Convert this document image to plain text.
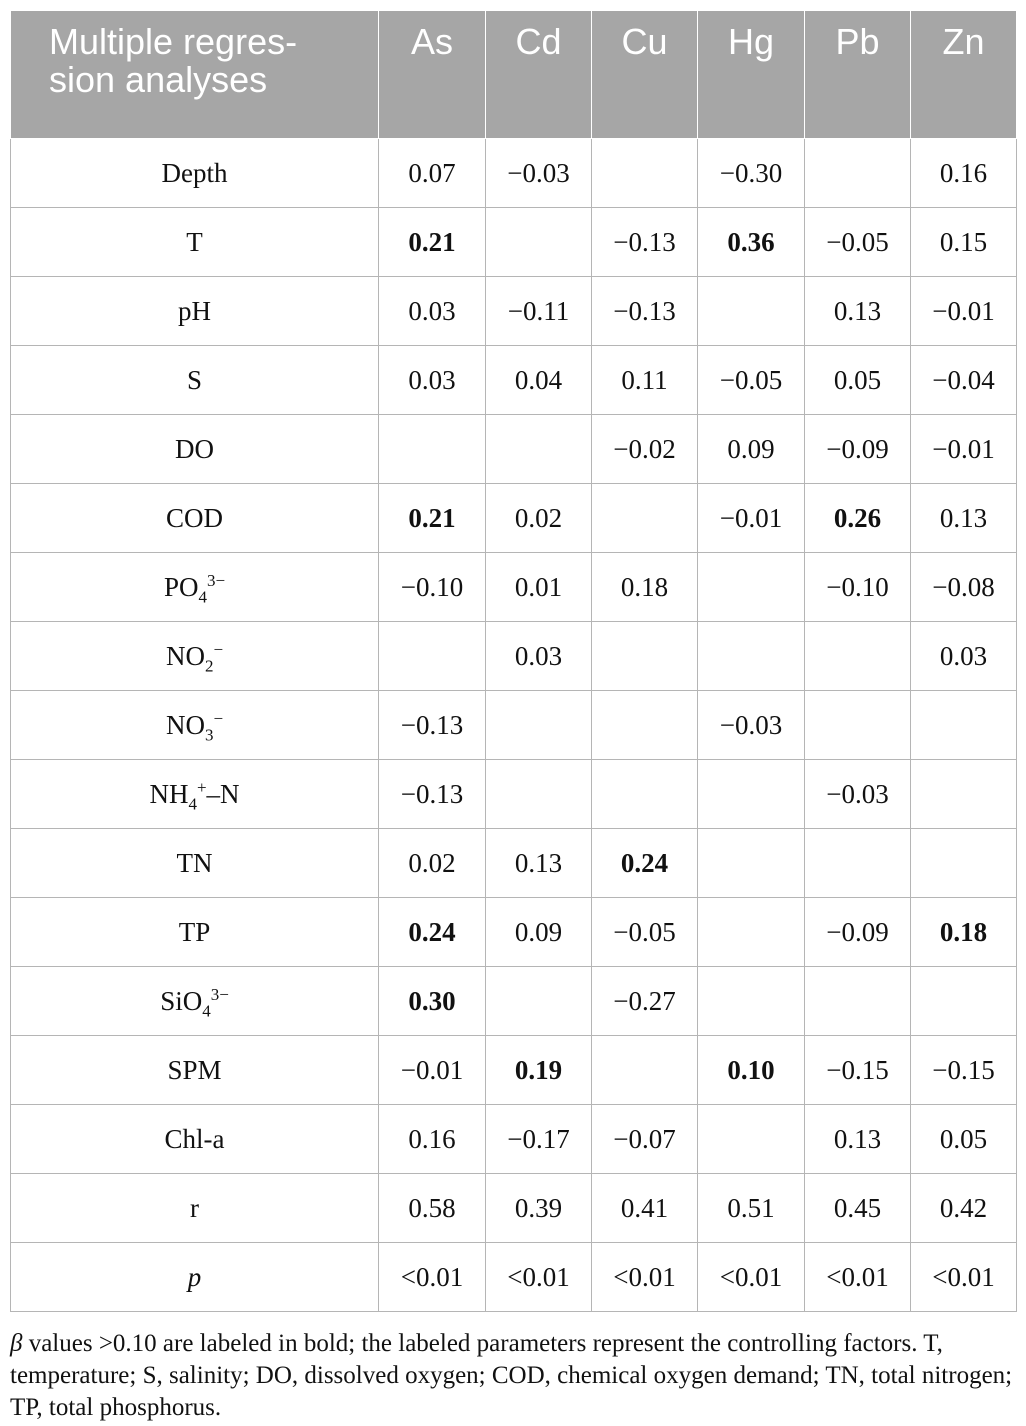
Multiple regres-
sion analyses	As	Cd	Cu	Hg	Pb	Zn
Depth	0.07	−0.03		−0.30		0.16
T	0.21		−0.13	0.36	−0.05	0.15
pH	0.03	−0.11	−0.13		0.13	−0.01
S	0.03	0.04	0.11	−0.05	0.05	−0.04
DO			−0.02	0.09	−0.09	−0.01
COD	0.21	0.02		−0.01	0.26	0.13
$PO_4^{3-}$	−0.10	0.01	0.18		−0.10	−0.08
$NO_2^-$		0.03				0.03
$NO_3^-$	−0.13			−0.03		
$NH_4^+-N$	−0.13				−0.03	
TN	0.02	0.13	0.24			
TP	0.24	0.09	−0.05		−0.09	0.18
SiO$_4^{3-}$	0.30		−0.27			
SPM	−0.01	0.19		0.10	−0.15	−0.15
Chl-a	0.16	−0.17	−0.07		0.13	0.05
r	0.58	0.39	0.41	0.51	0.45	0.42
p	<0.01	<0.01	<0.01	<0.01	<0.01	<0.01
β values >0.10 are labeled in bold; the labeled parameters represent the controlling factors. T, temperature; S, salinity; DO, dissolved oxygen; COD, chemical oxygen demand; TN, total nitrogen; TP, total phosphorus.
